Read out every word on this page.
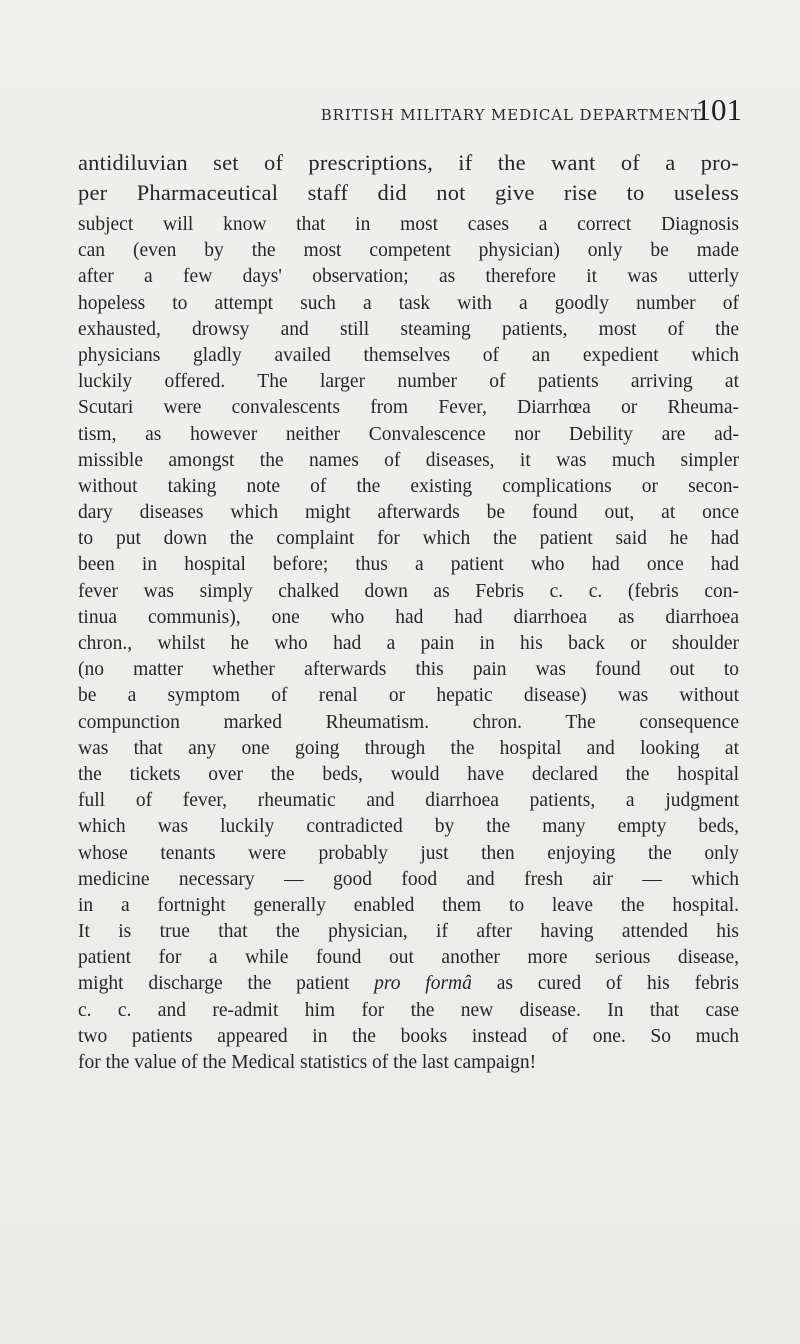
BRITISH MILITARY MEDICAL DEPARTMENT.
101
antidiluvian set of prescriptions, if the want of a pro-
per Pharmaceutical staff did not give rise to useless
subject will know that in most cases a correct Diagnosis
can (even by the most competent physician) only be made
after a few days' observation; as therefore it was utterly
hopeless to attempt such a task with a goodly number of
exhausted, drowsy and still steaming patients, most of the
physicians gladly availed themselves of an expedient which
luckily offered. The larger number of patients arriving at
Scutari were convalescents from Fever, Diarrhœa or Rheuma-
tism, as however neither Convalescence nor Debility are ad-
missible amongst the names of diseases, it was much simpler
without taking note of the existing complications or secon-
dary diseases which might afterwards be found out, at once
to put down the complaint for which the patient said he had
been in hospital before; thus a patient who had once had
fever was simply chalked down as Febris c. c. (febris con-
tinua communis), one who had had diarrhoea as diarrhoea
chron., whilst he who had a pain in his back or shoulder
(no matter whether afterwards this pain was found out to
be a symptom of renal or hepatic disease) was without
compunction marked Rheumatism. chron. The consequence
was that any one going through the hospital and looking at
the tickets over the beds, would have declared the hospital
full of fever, rheumatic and diarrhoea patients, a judgment
which was luckily contradicted by the many empty beds,
whose tenants were probably just then enjoying the only
medicine necessary — good food and fresh air — which
in a fortnight generally enabled them to leave the hospital.
It is true that the physician, if after having attended his
patient for a while found out another more serious disease,
might discharge the patient pro formâ as cured of his febris
c. c. and re-admit him for the new disease. In that case
two patients appeared in the books instead of one. So much
for the value of the Medical statistics of the last campaign!
